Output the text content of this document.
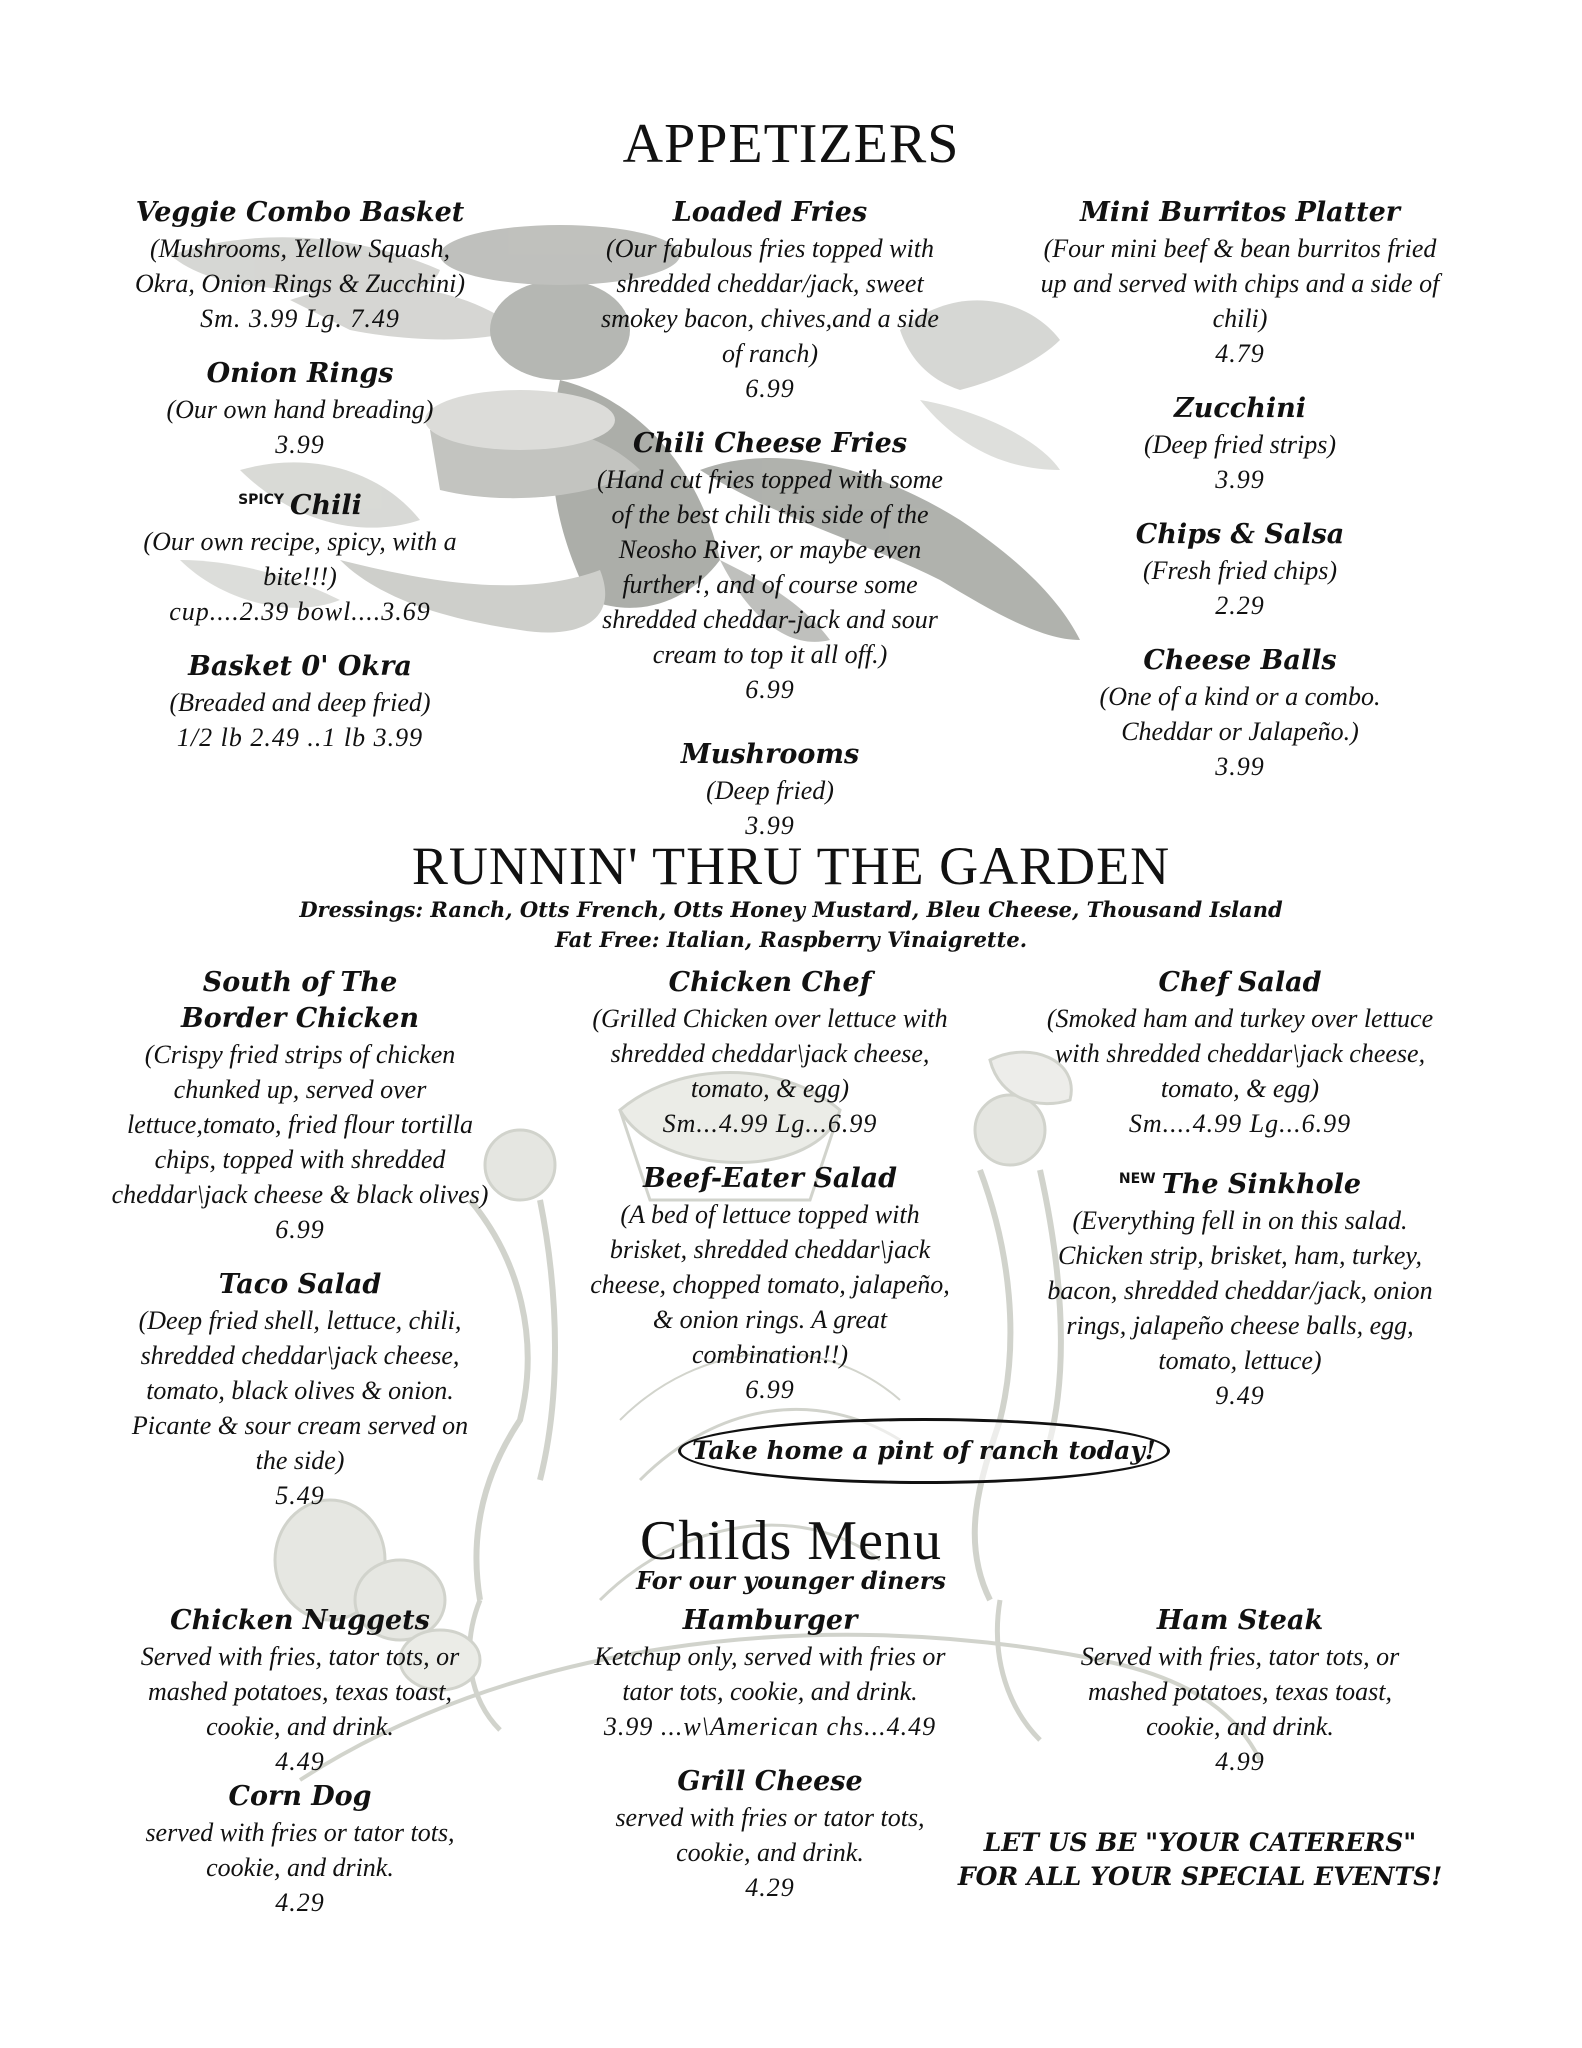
APPETIZERS
Veggie Combo Basket
(Mushrooms, Yellow Squash, Okra, Onion Rings & Zucchini)
Sm. 3.99 Lg. 7.49
Onion Rings
(Our own hand breading)
3.99
$^{SPICY}$ Chili
(Our own recipe, spicy, with a bite!!!)
cup....2.39 bowl....3.69
Basket 0' Okra
(Breaded and deep fried)
1/2 lb 2.49 ..1 lb 3.99
Loaded Fries
(Our fabulous fries topped with shredded cheddar/jack, sweet smokey bacon, chives,and a side of ranch)
6.99
Chili Cheese Fries
(Hand cut fries topped with some of the best chili this side of the Neosho River, or maybe even further!, and of course some shredded cheddar-jack and sour cream to top it all off.)
6.99
Mushrooms
(Deep fried)
3.99
Mini Burritos Platter
(Four mini beef & bean burritos fried up and served with chips and a side of chili)
4.79
Zucchini
(Deep fried strips)
3.99
Chips & Salsa
(Fresh fried chips)
2.29
Cheese Balls
(One of a kind or a combo. Cheddar or Jalapeño.)
3.99
RUNNIN' THRU THE GARDEN
Dressings: Ranch, Otts French, Otts Honey Mustard, Bleu Cheese, Thousand Island
Fat Free: Italian, Raspberry Vinaigrette.
South of The Border Chicken
(Crispy fried strips of chicken chunked up, served over lettuce,tomato, fried flour tortilla chips, topped with shredded cheddar\jack cheese & black olives)
6.99
Taco Salad
(Deep fried shell, lettuce, chili, shredded cheddar\jack cheese, tomato, black olives & onion. Picante & sour cream served on the side)
5.49
Chicken Chef
(Grilled Chicken over lettuce with shredded cheddar\jack cheese, tomato, & egg)
Sm...4.99 Lg...6.99
Beef-Eater Salad
(A bed of lettuce topped with brisket, shredded cheddar\jack cheese, chopped tomato, jalapeño, & onion rings. A great combination!!)
6.99
Chef Salad
(Smoked ham and turkey over lettuce with shredded cheddar\jack cheese, tomato, & egg)
Sm....4.99 Lg...6.99
$^{NEW}$ The Sinkhole
(Everything fell in on this salad. Chicken strip, brisket, ham, turkey, bacon, shredded cheddar/jack, onion rings, jalapeño cheese balls, egg, tomato, lettuce)
9.49
Take home a pint of ranch today!
Childs Menu
For our younger diners
Chicken Nuggets
Served with fries, tator tots, or mashed potatoes, texas toast, cookie, and drink.
4.49
Corn Dog
served with fries or tator tots, cookie, and drink.
4.29
Hamburger
Ketchup only, served with fries or tator tots, cookie, and drink.
3.99 ...w\American chs...4.49
Grill Cheese
served with fries or tator tots, cookie, and drink.
4.29
Ham Steak
Served with fries, tator tots, or mashed potatoes, texas toast, cookie, and drink.
4.99
LET US BE "YOUR CATERERS"
FOR ALL YOUR SPECIAL EVENTS!
